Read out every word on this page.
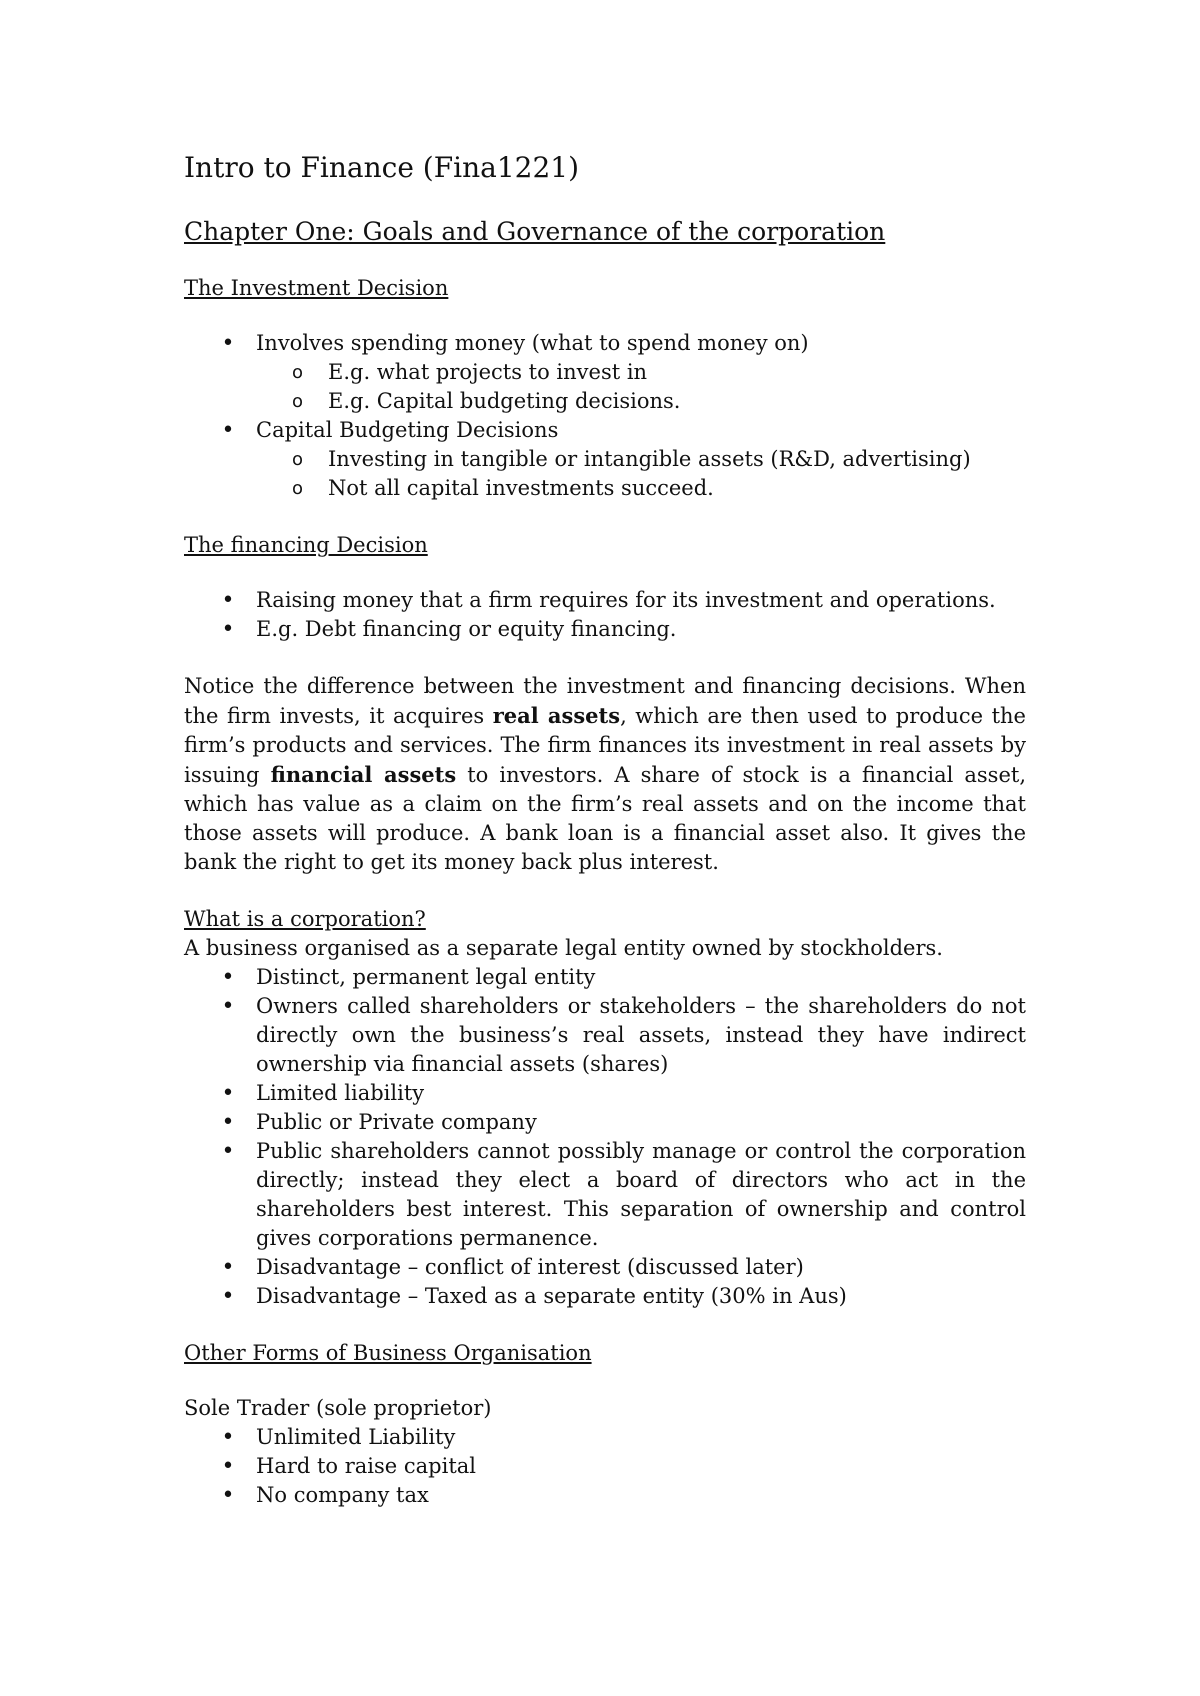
Intro to Finance (Fina1221)
Chapter One: Goals and Governance of the corporation
The Investment Decision
• Involves spending money (what to spend money on)
o E.g. what projects to invest in
o E.g. Capital budgeting decisions.
• Capital Budgeting Decisions
o Investing in tangible or intangible assets (R&D, advertising)
o Not all capital investments succeed.
The financing Decision
• Raising money that a firm requires for its investment and operations.
• E.g. Debt financing or equity financing.

Notice the difference between the investment and financing decisions. When the firm invests, it acquires real assets, which are then used to produce the firm’s products and services. The firm finances its investment in real assets by issuing financial assets to investors. A share of stock is a financial asset, which has value as a claim on the firm’s real assets and on the income that those assets will produce. A bank loan is a financial asset also. It gives the bank the right to get its money back plus interest.

What is a corporation?
A business organised as a separate legal entity owned by stockholders.
• Distinct, permanent legal entity
• Owners called shareholders or stakeholders – the shareholders do not directly own the business’s real assets, instead they have indirect ownership via financial assets (shares)
• Limited liability
• Public or Private company
• Public shareholders cannot possibly manage or control the corporation directly; instead they elect a board of directors who act in the shareholders best interest. This separation of ownership and control gives corporations permanence.
• Disadvantage – conflict of interest (discussed later)
• Disadvantage – Taxed as a separate entity (30% in Aus)
Other Forms of Business Organisation
Sole Trader (sole proprietor)
• Unlimited Liability
• Hard to raise capital
• No company tax
